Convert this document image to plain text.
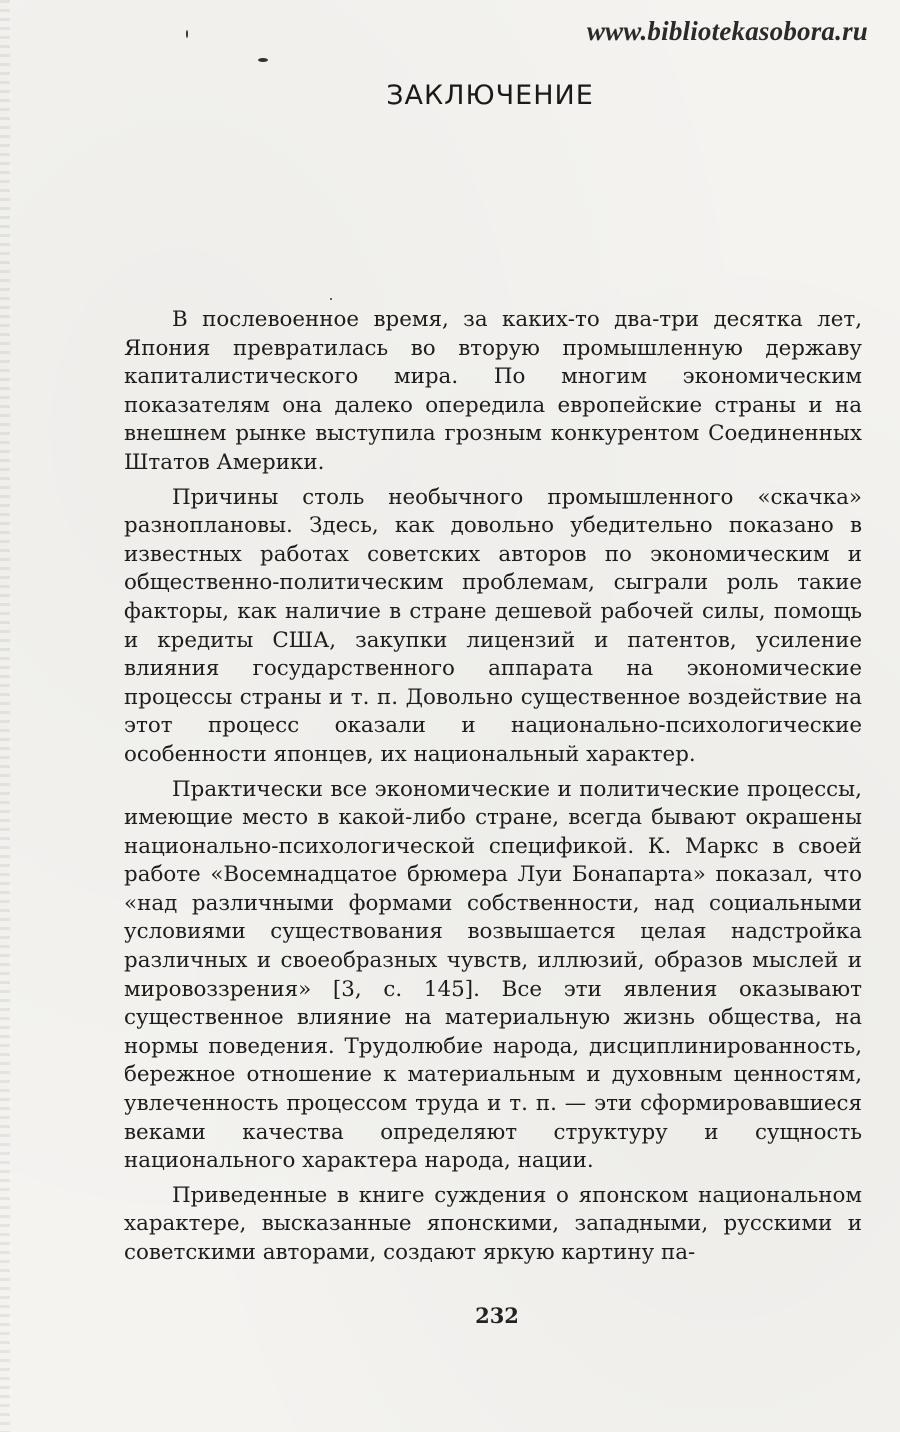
www.bibliotekasobora.ru
ЗАКЛЮЧЕНИЕ

В послевоенное время, за каких-то два-три десятка лет, Япония превратилась во вторую промышленную державу капиталистического мира. По многим экономическим показателям она далеко опередила европейские страны и на внешнем рынке выступила грозным конкурентом Соединенных Штатов Америки.

Причины столь необычного промышленного «скачка» разноплановы. Здесь, как довольно убедительно показано в известных работах советских авторов по экономическим и общественно-политическим проблемам, сыграли роль такие факторы, как наличие в стране дешевой рабочей силы, помощь и кредиты США, закупки лицензий и патентов, усиление влияния государственного аппарата на экономические процессы страны и т. п. Довольно существенное воздействие на этот процесс оказали и национально-психологические особенности японцев, их национальный характер.

Практически все экономические и политические процессы, имеющие место в какой-либо стране, всегда бывают окрашены национально-психологической спецификой. К. Маркс в своей работе «Восемнадцатое брюмера Луи Бонапарта» показал, что «над различными формами собственности, над социальными условиями существования возвышается целая надстройка различных и своеобразных чувств, иллюзий, образов мыслей и мировоззрения» [3, с. 145]. Все эти явления оказывают существенное влияние на материальную жизнь общества, на нормы поведения. Трудолюбие народа, дисциплинированность, бережное отношение к материальным и духовным ценностям, увлеченность процессом труда и т. п. — эти сформировавшиеся веками качества определяют структуру и сущность национального характера народа, нации.

Приведенные в книге суждения о японском национальном характере, высказанные японскими, западными, русскими и советскими авторами, создают яркую картину па-

232
